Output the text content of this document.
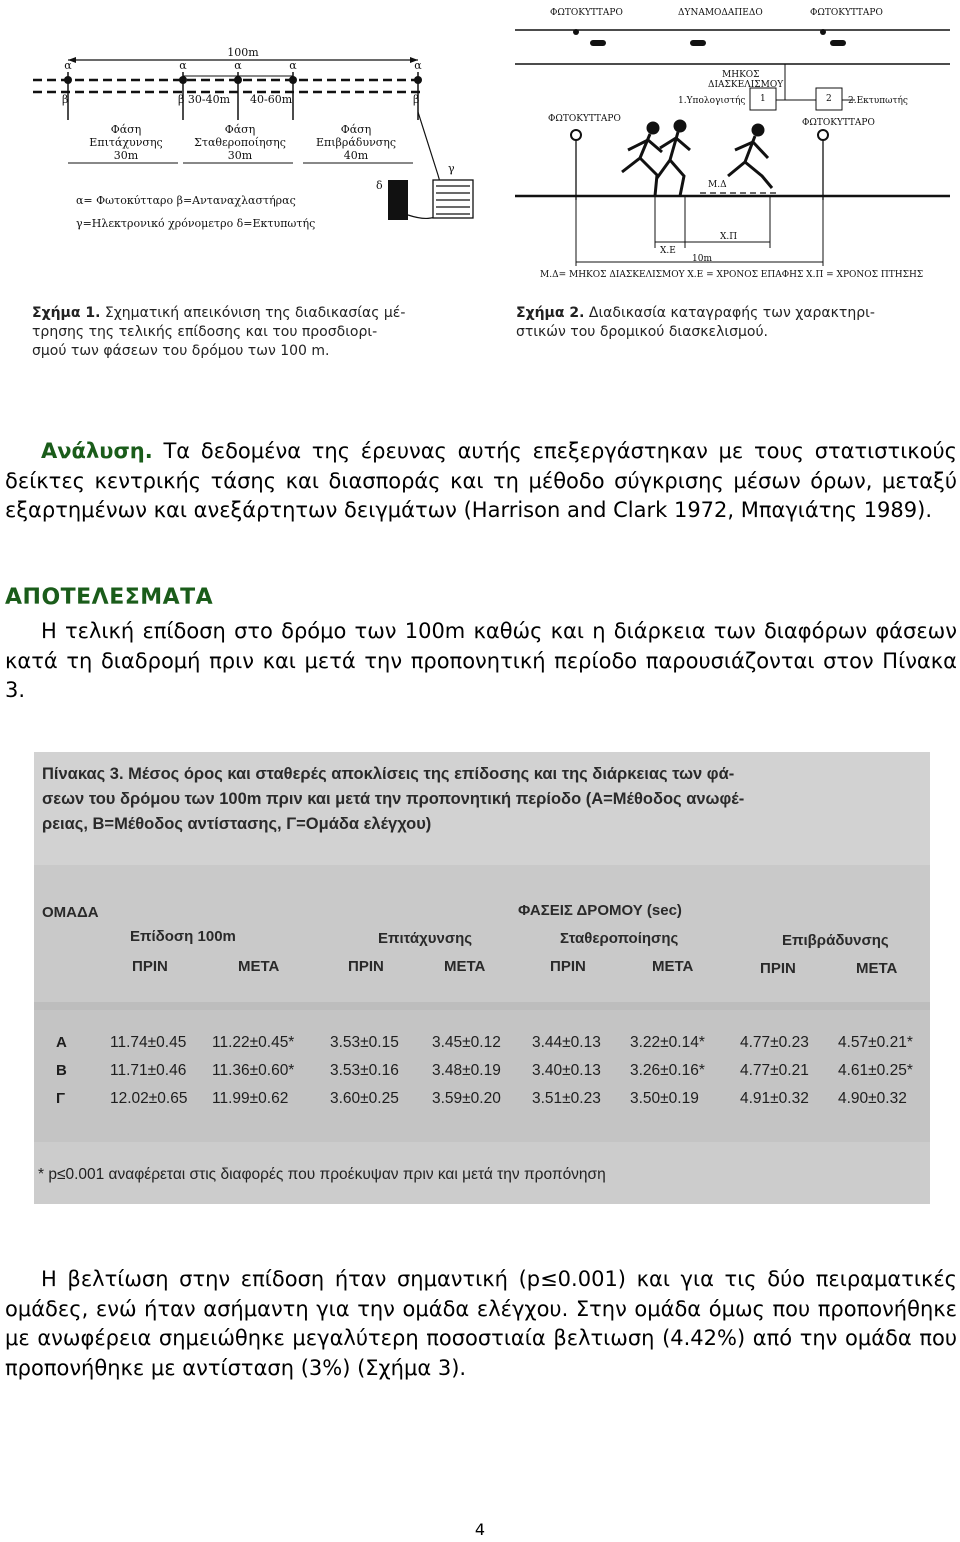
100m
α	α	α	α	α
β	β 30-40m 40-60m	β
Φάση
Επιτάχυνσης
30m
Φάση
Σταθεροποίησης
30m
Φάση
Επιβράδυνσης
40m
γ
δ
α= Φωτοκύτταρο β=Ανταναχλαστήρας
γ=Ηλεκτρονικό χρόνομετρο δ=Εκτυπωτής
Σχήμα 1. Σχηματική απεικόνιση της διαδικασίας μέ-
τρησης της τελικής επίδοσης και του προσδιορι-
σμού των φάσεων του δρόμου των 100 m.
ΦΩΤΟΚΥΤΤΑΡΟ	ΔΥΝΑΜΟΔΑΠΕΔΟ	ΦΩΤΟΚΥΤΤΑΡΟ
ΜΗΚΟΣ
ΔΙΑΣΚΕΛΙΣΜΟΥ
1.Υπολογιστής 1	2 2.Εκτυπωτής
ΦΩΤΟΚΥΤΤΑΡΟ	ΦΩΤΟΚΥΤΤΑΡΟ
Μ.Δ
Χ.Ε
Χ.Π
10m
Μ.Δ= ΜΗΚΟΣ ΔΙΑΣΚΕΛΙΣΜΟΥ Χ.Ε = ΧΡΟΝΟΣ ΕΠΑΦΗΣ Χ.Π = ΧΡΟΝΟΣ ΠΤΗΣΗΣ
Σχήμα 2. Διαδικασία καταγραφής των χαρακτηρι-
στικών του δρομικού διασκελισμού.
Ανάλυση. Τα δεδομένα της έρευνας αυτής επεξεργάστηκαν με τους στατιστικούς δείκτες κεντρικής τάσης και διασποράς και τη μέθοδο σύγκρισης μέσων όρων, μεταξύ εξαρτημένων και ανεξάρτητων δειγμάτων (Harrison and Clark 1972, Μπαγιάτης 1989).
ΑΠΟΤΕΛΕΣΜΑΤΑ
Η τελική επίδοση στο δρόμο των 100m καθώς και η διάρκεια των διαφόρων φάσεων κατά τη διαδρομή πριν και μετά την προπονητική περίοδο παρουσιάζονται στον Πίνακα 3.
Πίνακας 3. Μέσος όρος και σταθερές αποκλίσεις της επίδοσης και της διάρκειας των φά-
σεων του δρόμου των 100m πριν και μετά την προπονητική περίοδο (Α=Μέθοδος ανωφέ-
ρειας, Β=Μέθοδος αντίστασης, Γ=Ομάδα ελέγχου)
ΟΜΑΔΑ	ΦΑΣΕΙΣ ΔΡΟΜΟΥ (sec)
Επίδοση 100m	Επιτάχυνσης	Σταθεροποίησης	Επιβράδυνσης
ΠΡΙΝ	ΜΕΤΑ	ΠΡΙΝ	ΜΕΤΑ	ΠΡΙΝ	ΜΕΤΑ	ΠΡΙΝ	ΜΕΤΑ
Α	11.74±0.45 11.22±0.45* 3.53±0.15 3.45±0.12 3.44±0.13 3.22±0.14* 4.77±0.23 4.57±0.21*
Β	11.71±0.46 11.36±0.60* 3.53±0.16 3.48±0.19 3.40±0.13 3.26±0.16* 4.77±0.21 4.61±0.25*
Γ	12.02±0.65 11.99±0.62	3.60±0.25 3.59±0.20 3.51±0.23 3.50±0.19	4.91±0.32 4.90±0.32
* p≤0.001 αναφέρεται στις διαφορές που προέκυψαν πριν και μετά την προπόνηση
Η βελτίωση στην επίδοση ήταν σημαντική (p≤0.001) και για τις δύο πειραματικές ομάδες, ενώ ήταν ασήμαντη για την ομάδα ελέγχου. Στην ομάδα όμως που προπονήθηκε με ανωφέρεια σημειώθηκε μεγαλύτερη ποσοστιαία βελτιωση (4.42%) από την ομάδα που προπονήθηκε με αντίσταση (3%) (Σχήμα 3).
4
